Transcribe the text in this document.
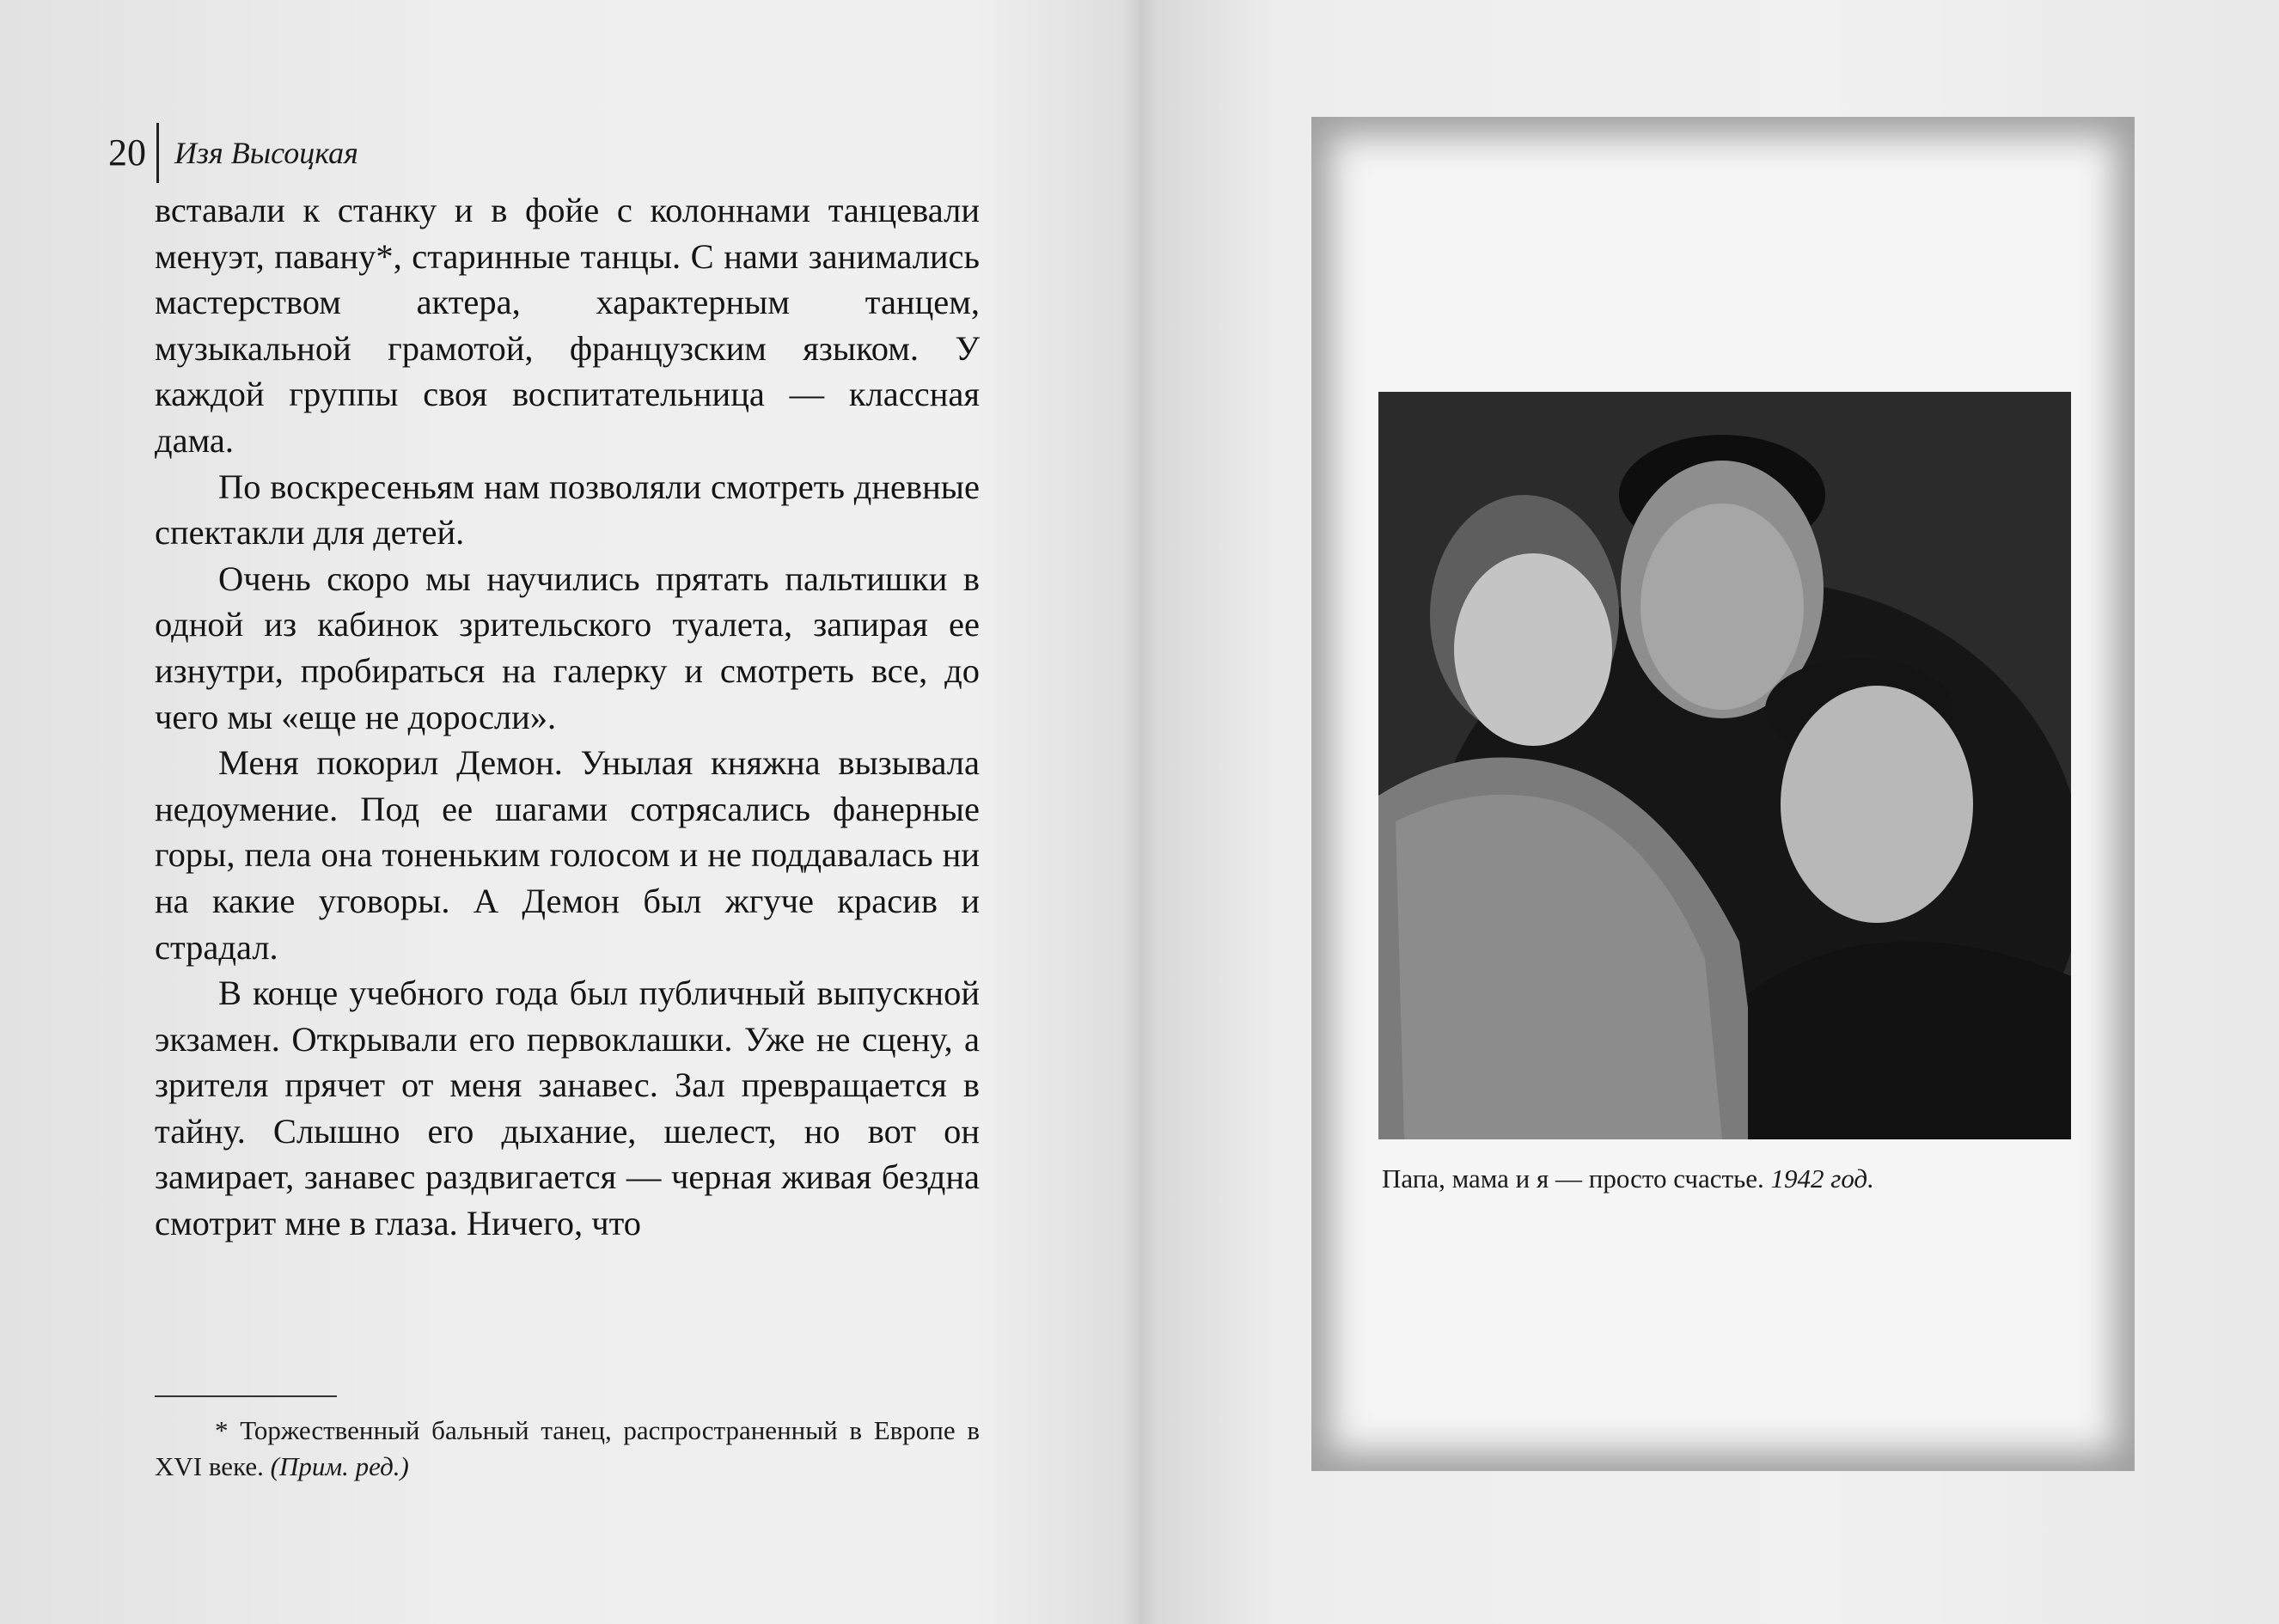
20 Изя Высоцкая

вставали к станку и в фойе с колоннами танцевали менуэт, павану*, старинные танцы. С нами занимались мастерством актера, характерным танцем, музыкальной грамотой, французским языком. У каждой группы своя воспитательница — классная дама.

По воскресеньям нам позволяли смотреть дневные спектакли для детей.

Очень скоро мы научились прятать пальтишки в одной из кабинок зрительского туалета, запирая ее изнутри, пробираться на галерку и смотреть все, до чего мы «еще не доросли».

Меня покорил Демон. Унылая княжна вызывала недоумение. Под ее шагами сотрясались фанерные горы, пела она тоненьким голосом и не поддавалась ни на какие уговоры. А Демон был жгуче красив и страдал.

В конце учебного года был публичный выпускной экзамен. Открывали его первоклашки. Уже не сцену, а зрителя прячет от меня занавес. Зал превращается в тайну. Слышно его дыхание, шелест, но вот он замирает, занавес раздвигается — черная живая бездна смотрит мне в глаза. Ничего, что

* Торжественный бальный танец, распространенный в Европе в XVI веке. (Прим. ред.)
Папа, мама и я — просто счастье. 1942 год.
